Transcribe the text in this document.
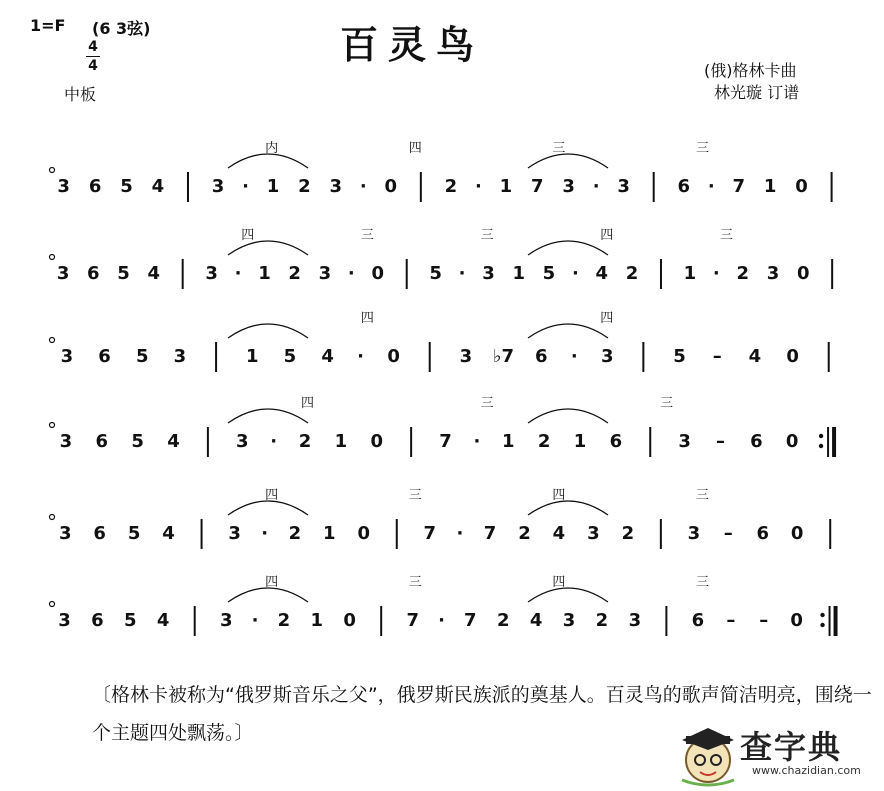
1=F (6 3弦)
4
4
中板
百灵鸟
(俄)格林卡曲
林光璇 订谱
3 6 5 4	3 · 1 2 3 · 0	2 · 1 7 3 · 3	6 · 7 1 0
内	四	三	三
3 6 5 4	3 · 1 2 3 · 0	5 · 3 1 5 · 4 2	1 · 2 3 0
四	三	三	四	三
3 6 5 3	1 5 4 · 0	3 ♭7 6 · 3	5 – 4 0
四	四
3 6 5 4	3 · 2 1 0	7 · 1 2 1 6	3 – 6 0
四	三	三
3 6 5 4	3 · 2 1 0	7 · 7 2 4 3 2	3 – 6 0
四	三	四	三
3 6 5 4	3 · 2 1 0	7 · 7 2 4 3 2 3	6 – – 0
四	三	四	三
〔格林卡被称为“俄罗斯音乐之父”，俄罗斯民族派的奠基人。百灵鸟的歌声简洁明亮，围绕一个主题四处飘荡。〕	查字典
www.chazidian.com
